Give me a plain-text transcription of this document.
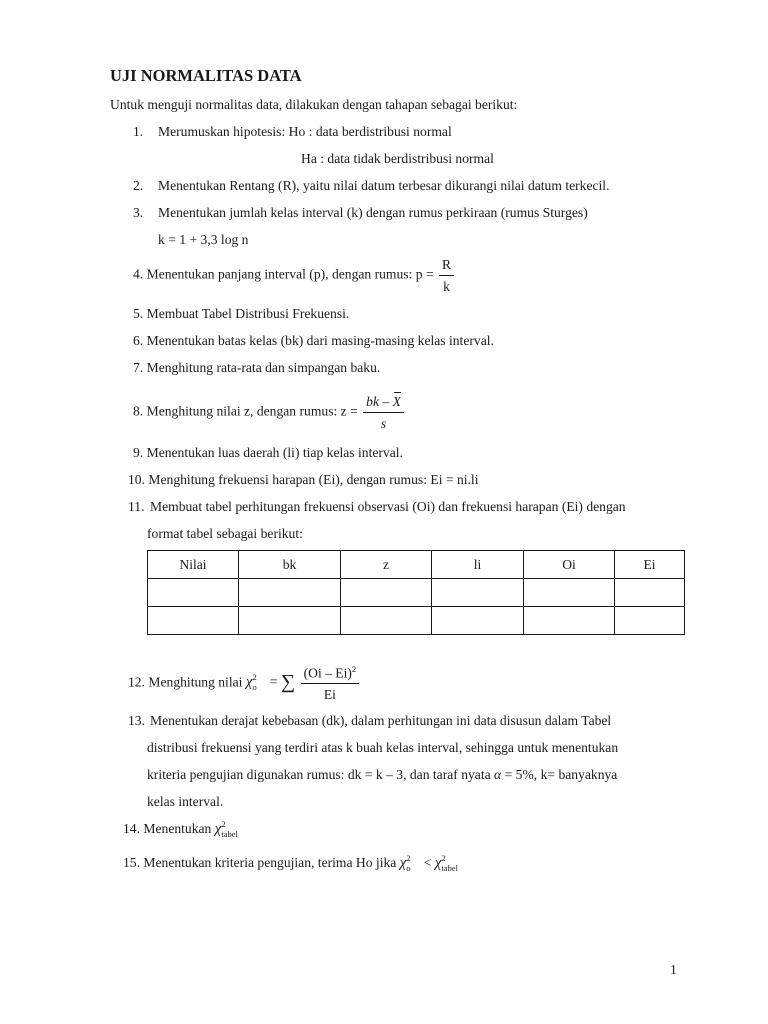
UJI NORMALITAS DATA
Untuk menguji normalitas data, dilakukan dengan tahapan sebagai berikut:
1. Merumuskan hipotesis: Ho : data berdistribusi normal
Ha : data tidak berdistribusi normal
2. Menentukan Rentang (R), yaitu nilai datum terbesar dikurangi nilai datum terkecil.
3. Menentukan jumlah kelas interval (k) dengan rumus perkiraan (rumus Sturges)
k = 1 + 3,3 log n
4. Menentukan panjang interval (p), dengan rumus: $p = \frac{R}{k}$
5. Membuat Tabel Distribusi Frekuensi.
6. Menentukan batas kelas (bk) dari masing-masing kelas interval.
7. Menghitung rata-rata dan simpangan baku.
8. Menghitung nilai z, dengan rumus: $z = \frac{bk - X}{s}$
9. Menentukan luas daerah (li) tiap kelas interval.
10. Menghitung frekuensi harapan (Ei), dengan rumus: Ei = ni.li
11. Membuat tabel perhitungan frekuensi observasi (Oi) dan frekuensi harapan (Ei) dengan
format tabel sebagai berikut:
Nilai	bk	z	li	Oi	Ei

12. Menghitung nilai χ 2
o = ∑ $\frac{(Oi - Ei)^2}{Ei}$
13. Menentukan derajat kebebasan (dk), dalam perhitungan ini data disusun dalam Tabel
distribusi frekuensi yang terdiri atas k buah kelas interval, sehingga untuk menentukan
kriteria pengujian digunakan rumus: dk = k – 3, dan taraf nyata α = 5%, k= banyaknya
kelas interval.
14. Menentukan χ 2
tabel
15. Menentukan kriteria pengujian, terima Ho jika χ 2
o < χ 2
tabel
1
